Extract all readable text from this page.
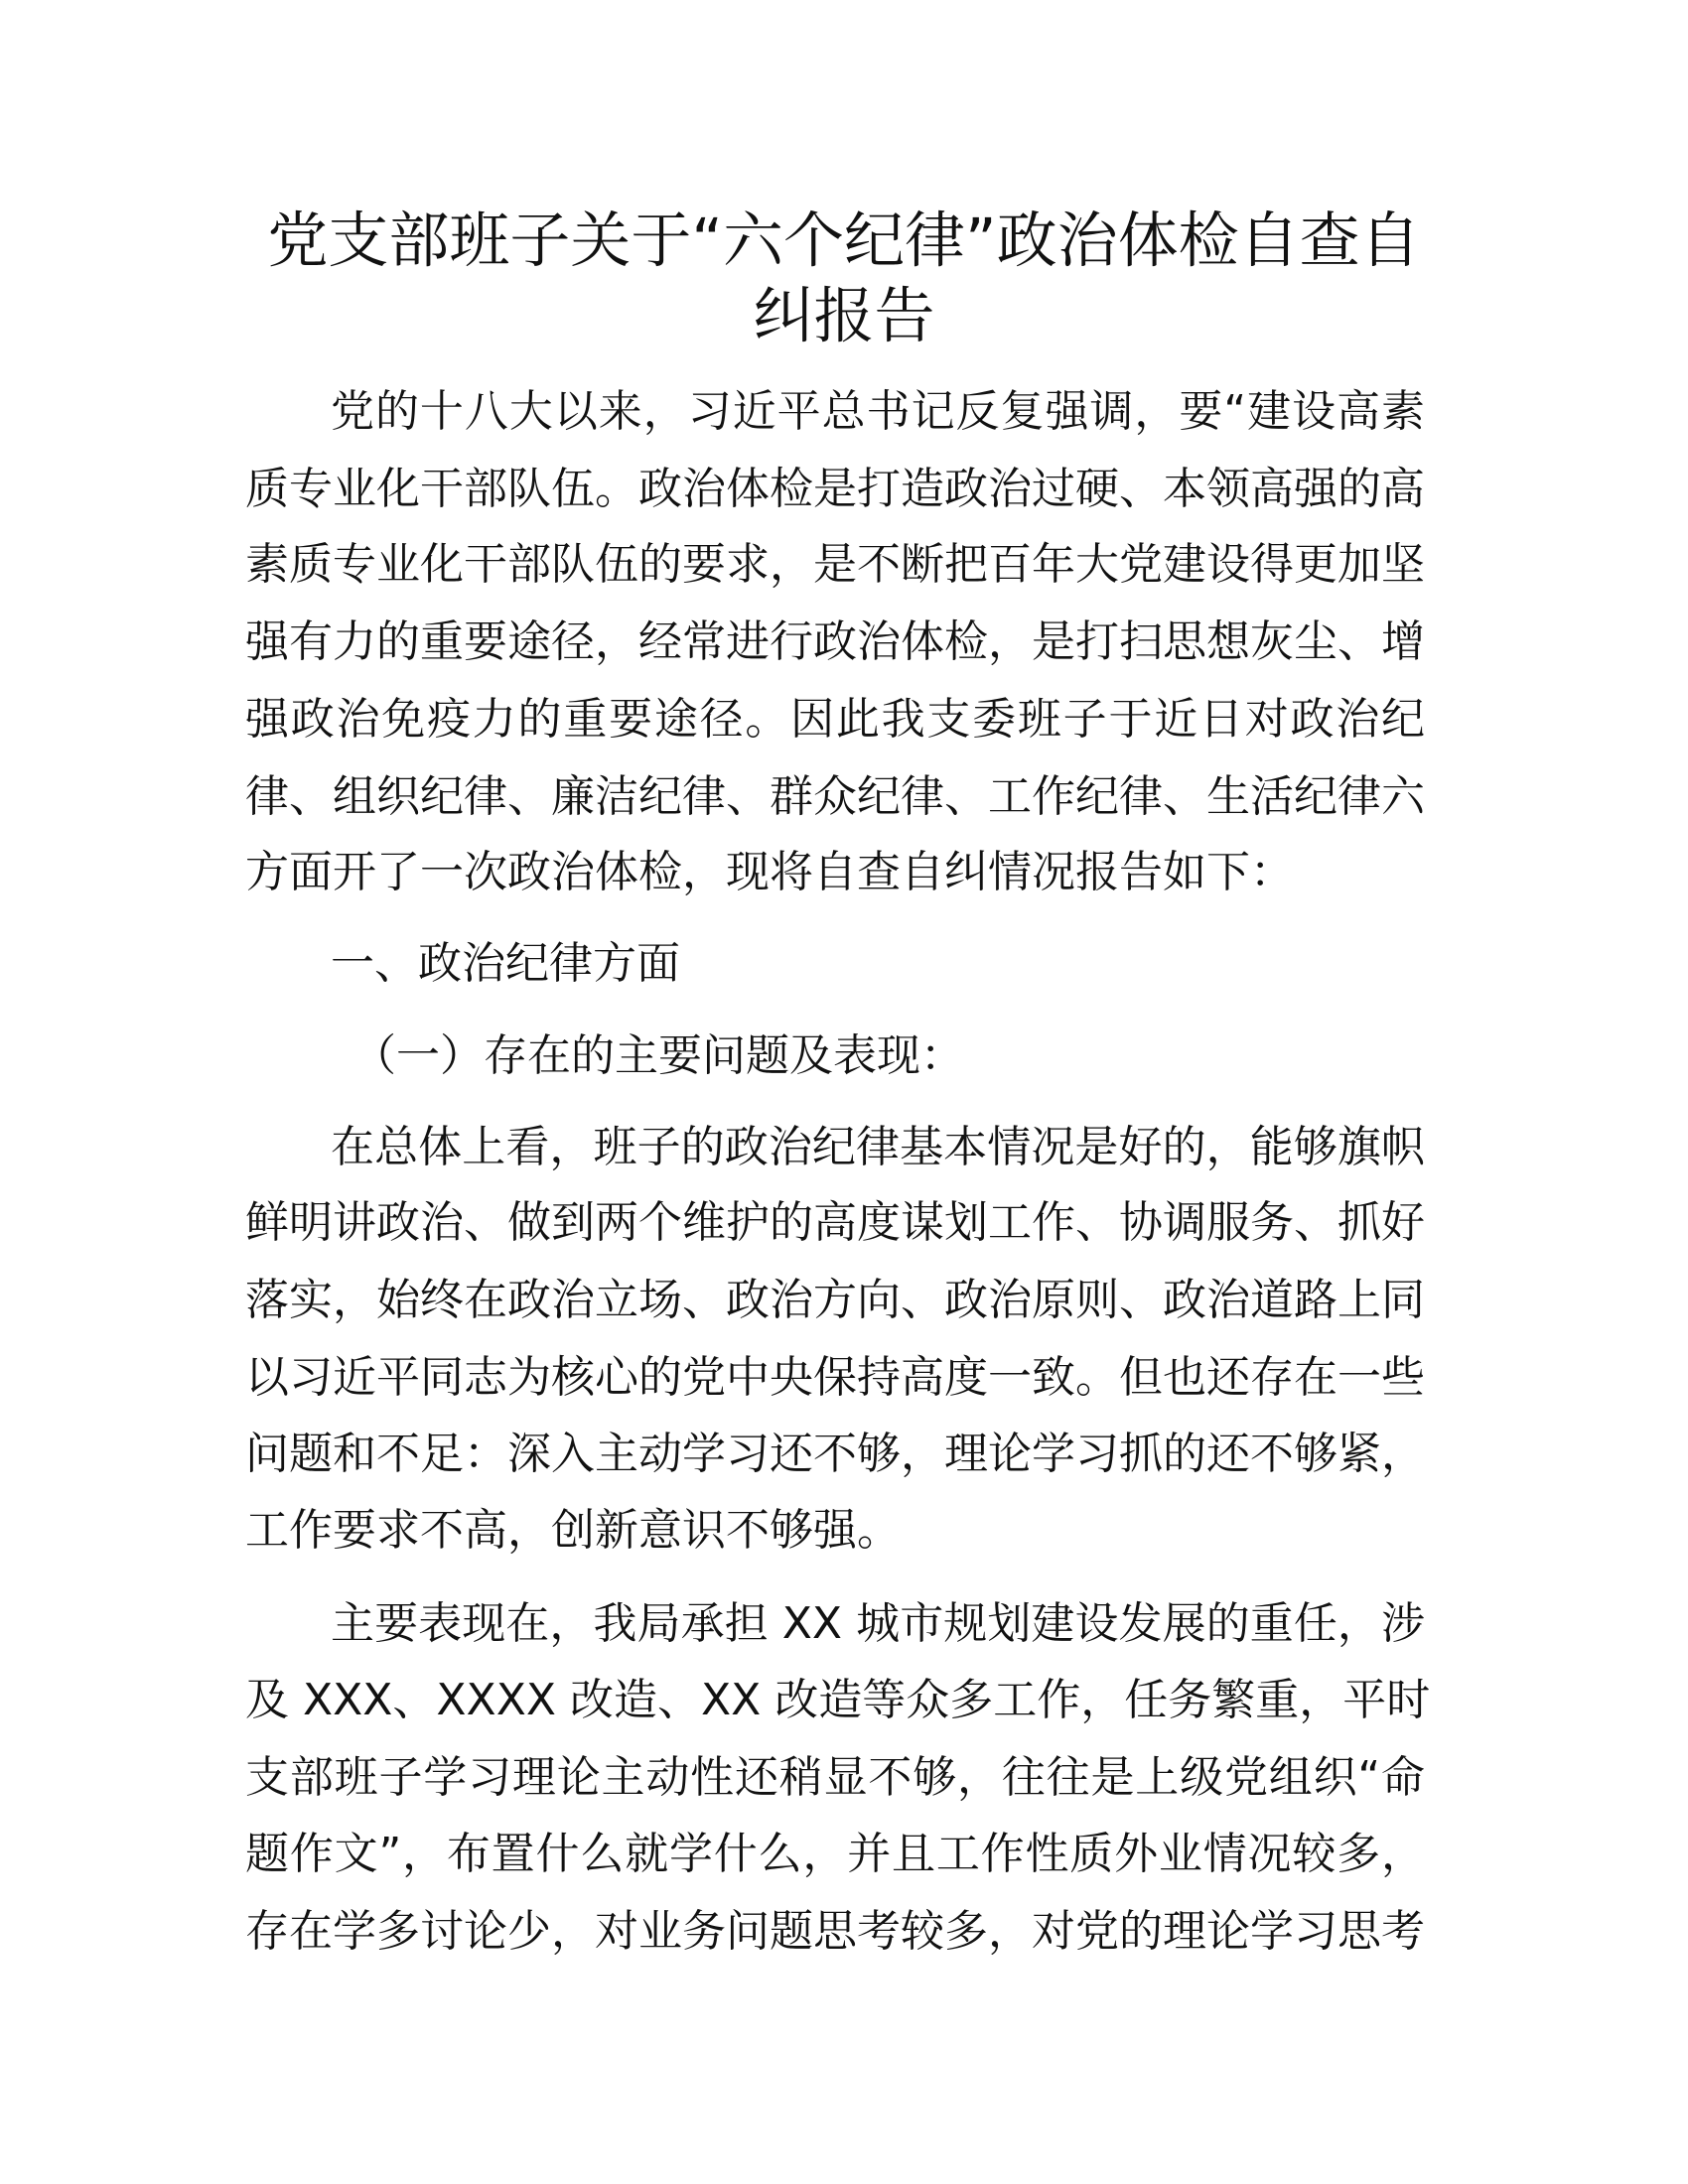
党支部班子关于“六个纪律”政治体检自查自
纠报告
党的十八大以来，习近平总书记反复强调，要“建设高素
质专业化干部队伍。政治体检是打造政治过硬、本领高强的高
素质专业化干部队伍的要求，是不断把百年大党建设得更加坚
强有力的重要途径，经常进行政治体检，是打扫思想灰尘、增
强政治免疫力的重要途径。因此我支委班子于近日对政治纪
律、组织纪律、廉洁纪律、群众纪律、工作纪律、生活纪律六
方面开了一次政治体检，现将自查自纠情况报告如下：
一、政治纪律方面
（一）存在的主要问题及表现：
在总体上看，班子的政治纪律基本情况是好的，能够旗帜
鲜明讲政治、做到两个维护的高度谋划工作、协调服务、抓好
落实，始终在政治立场、政治方向、政治原则、政治道路上同
以习近平同志为核心的党中央保持高度一致。但也还存在一些
问题和不足：深入主动学习还不够，理论学习抓的还不够紧，
工作要求不高，创新意识不够强。
主要表现在，我局承担 XX 城市规划建设发展的重任，涉
及 XXX、XXXX 改造、XX 改造等众多工作，任务繁重，平时
支部班子学习理论主动性还稍显不够，往往是上级党组织“命
题作文”，布置什么就学什么，并且工作性质外业情况较多，
存在学多讨论少，对业务问题思考较多，对党的理论学习思考
